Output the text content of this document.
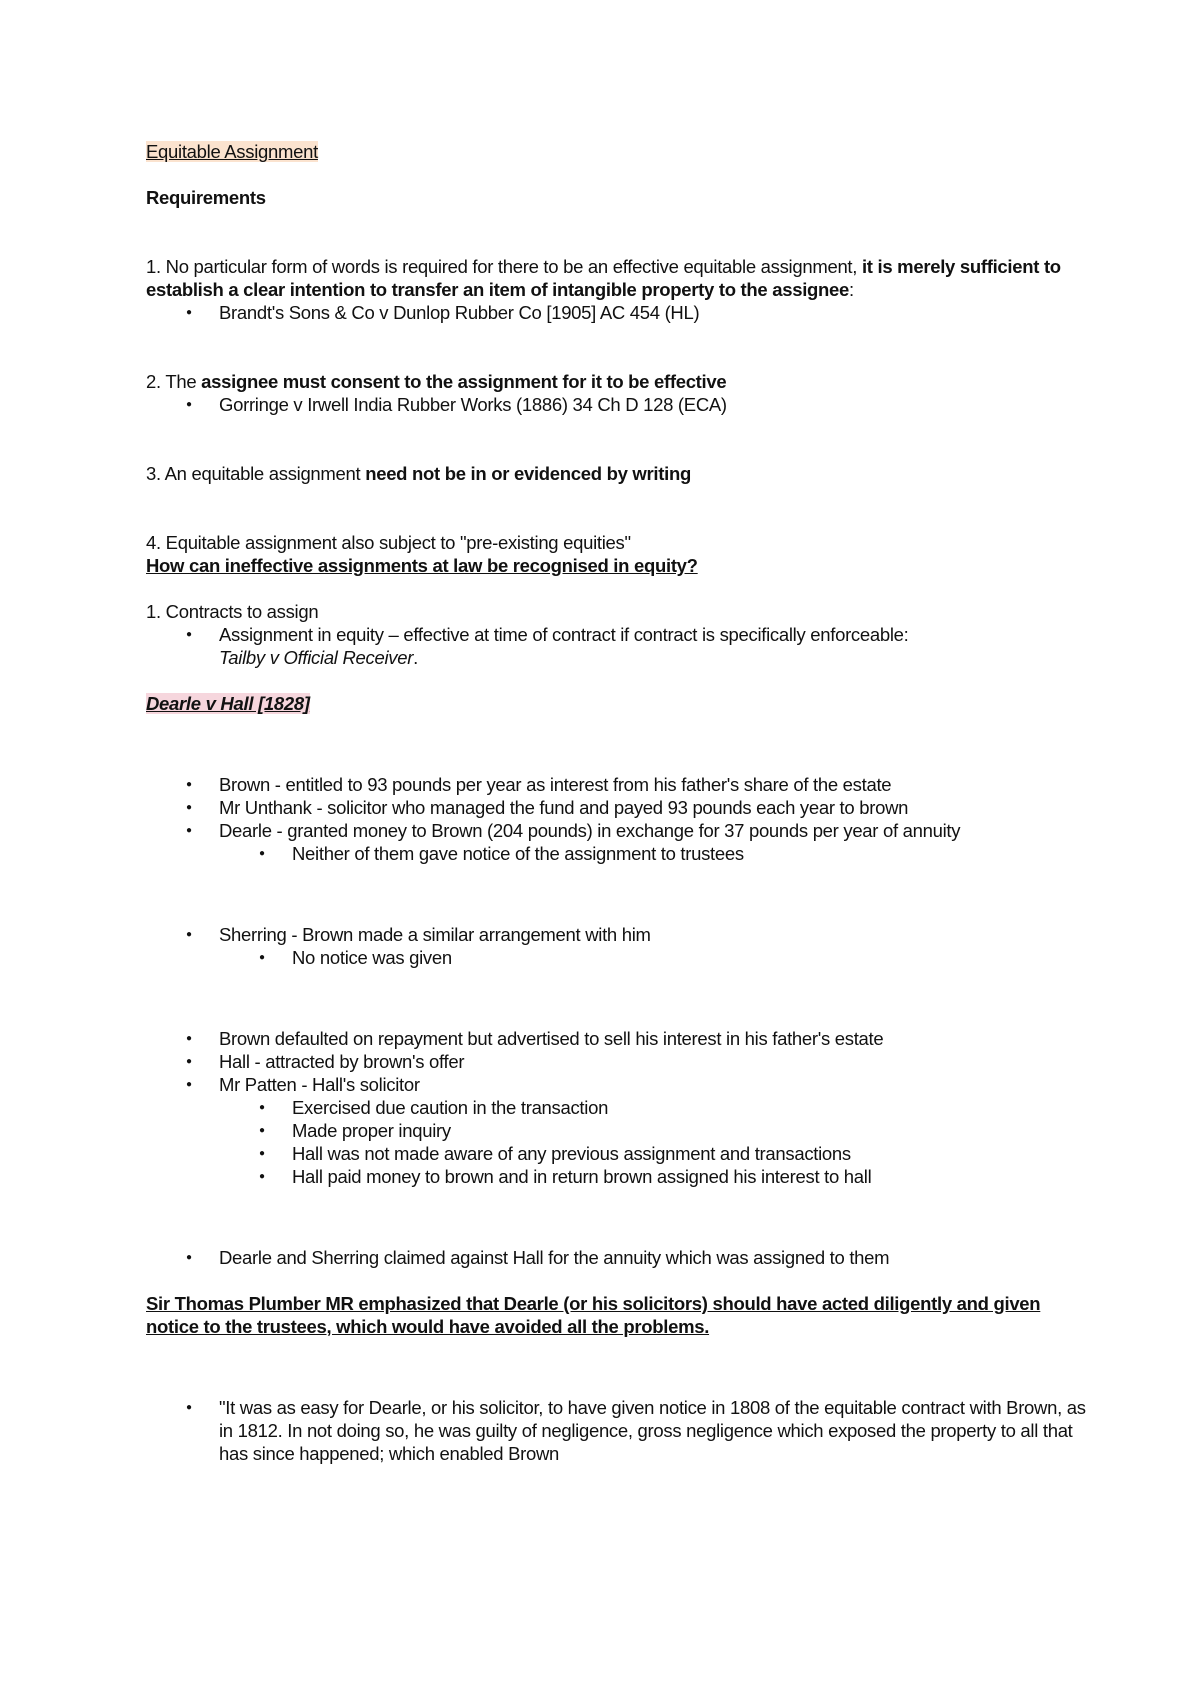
Equitable Assignment

Requirements

1. No particular form of words is required for there to be an effective equitable assignment, it is merely sufficient to establish a clear intention to transfer an item of intangible property to the assignee:

● Brandt's Sons & Co v Dunlop Rubber Co [1905] AC 454 (HL)

2. The assignee must consent to the assignment for it to be effective

● Gorringe v Irwell India Rubber Works (1886) 34 Ch D 128 (ECA)

3. An equitable assignment need not be in or evidenced by writing

4. Equitable assignment also subject to "pre-existing equities"

How can ineffective assignments at law be recognised in equity?

1. Contracts to assign

● Assignment in equity – effective at time of contract if contract is specifically enforceable:
Tailby v Official Receiver.

Dearle v Hall [1828]

● Brown - entitled to 93 pounds per year as interest from his father's share of the estate
● Mr Unthank - solicitor who managed the fund and payed 93 pounds each year to brown
● Dearle - granted money to Brown (204 pounds) in exchange for 37 pounds per year of annuity
● Neither of them gave notice of the assignment to trustees
● Sherring - Brown made a similar arrangement with him
● No notice was given
● Brown defaulted on repayment but advertised to sell his interest in his father's estate
● Hall - attracted by brown's offer
● Mr Patten - Hall's solicitor
● Exercised due caution in the transaction
● Made proper inquiry
● Hall was not made aware of any previous assignment and transactions
● Hall paid money to brown and in return brown assigned his interest to hall
● Dearle and Sherring claimed against Hall for the annuity which was assigned to them

Sir Thomas Plumber MR emphasized that Dearle (or his solicitors) should have acted diligently and given notice to the trustees, which would have avoided all the problems.

● "It was as easy for Dearle, or his solicitor, to have given notice in 1808 of the equitable contract with Brown, as in 1812. In not doing so, he was guilty of negligence, gross negligence which exposed the property to all that has since happened; which enabled Brown
